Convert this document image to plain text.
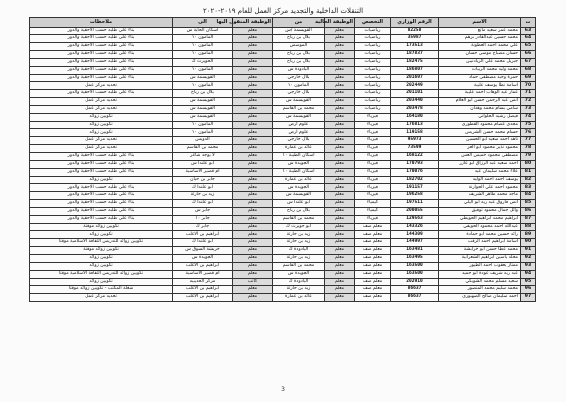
التنقلات الداخلية والتجديد مركز العمل للعام ٢٠١٩-٢٠٢٠
ت	الاسم	الرقم الوزاري	التخصص	الوظيفة الحالية	من	الوظيفة المنقول اليها	الى	ملاحظات
63	محمد عمر سعيد مانع	82258	رياضيات	معلم	القويسمة /س	معلم	اسكان الحاية س	بناء على طلبه حسب الاحقية والدور
64	محمد حسين عبدالقادر برهم	35987	رياضيات	معلم	بلال بن رباح	معلم	المامون ١٠	بناء على طلبه حسب الاحقية والدور
65	علي محمد احمد العظونة	173513	رياضيات	معلم	الموسس	معلم	المامون ١٠	بناء على طلبه حسب الاحقية والدور
66	حسان مصباح موسى حسان	187837	رياضيات	معلم	بلال بن رباح	معلم	المامون ١٠	بناء على طلبه حسب الاحقية والدور
67	جبريل محمد علي الزيادنيين	182475	رياضيات	معلم	بلال بن رباح	معلم	الحويرث ك	بناء على طلبه حسب الاحقية والدور
68	محمد وليد محمد الريبات	186807	رياضيات	معلم	اليادودة س	معلم	المامون ١٠	بناء على طلبه حسب الاحقية والدور
69	حمزة وحيد مصطفى حماد	201697	رياضيات	معلم	بلال خارجي	معلم	القويسمة س	بناء على طلبه حسب الاحقية والدور
70	اسامة نظا يوسف عليبة	202449	رياضيات	معلم	المامون ١٠	معلم	المامون ١٠	تحديد مركز عمل
71	عمار عبد الوهاب احمد عليبة	201101	رياضيات	معلم	بلال خارجي	معلم	بلال بن رباح	بناء على طلبه حسب الاحقية والدور
72	انس عبد الرحمن حسن ابو الغلام	203440	رياضيات	معلم	القويسمة س	معلم	القويسمة س	تحديد مركز عمل
73	سامي بسام محمد وهدان	203478	رياضيات	معلم	محمد بن القاسم	معلم	القويسمة س	تحديد مركز عمل
74	فيصل رشيد الحلواني	164180	فيزياء	معلم	القويسمة س	معلم	القويسمة س	تكويين زوائد
75	مجدي عصام محمود القطوري	176813	فيزياء	معلم	علوم ارض	معلم	المامون ١٠	تكويين زوائد
76	حسام محمد حسن الشريس	119158	فيزياء	معلم	علوم ارض	معلم	المامون ١٠	تكويين زوائد
77	ناهد احمد سعيد ابو الحسين	95973	فيزياء	معلم	بلال خارجي	معلم	الدويس	تحديد مركز عمل
78	محمود نذير محمود ابو العز	73599	فيزياء	معلم	عائد بن عمارة	معلم	محمد بن القاسم	تحديد مركز عمل
79	مصطفى محمود خميس العس	168122	فيزياء	معلم	اسكان الطيبة ١٠	معلم	لا يوجد شاغر	بناء على طلبه حسب الاحقية والدور
80	احمد سعيد عبد الرزاق ابو عازر	170793	فيزياء	معلم	الجويدة س	معلم	ابو علندا س	بناء على طلبه حسب الاحقية والدور
81	علاء محمد سليمان عيد	170076	فيزياء	معلم	اسكان الطيبة ١٠	معلم	ام قصير الاساسية	بناء على طلبه حسب الاحقية والدور
82	يوسف احمد احمد الوليد	182702	فيزياء	معلم	عائد بن عمارة	معلم	جابر بن حيان	تكويين زوائد
83	محمود احمد علي الجوارنة	191157	فيزياء	معلم	الجويدة س	معلم	ابو علندا ك	بناء على طلبه حسب الاحقية والدور
84	ماجد محمد طاهر الشريف	196258	فيزياء	معلم	القويسمة س	معلم	زيد بن حارثة	بناء على طلبه حسب الاحقية والدور
85	انس فاروق عبد ربه ابو اليلي	197511	كيمياء	معلم	ابو علندا س	معلم	ابو علندا ك	بناء على طلبه حسب الاحقية والدور
86	وائل جمال محمود توفيق	200055	كيمياء	معلم	بلال بن رباح	معلم	جابر س	بناء على طلبه حسب الاحقية والدور
87	ابراهيم محمد ابراهيم الحويطي	129563	فيزياء	معلم	محمد بن القاسم	معلم	جابر ١٠	بناء على طلبه حسب الاحقية والدور
88	عبدالله احمد محمود الحويفي	143326	معلم صف	معلم	ابو حويرث ك	معلم	جابر ك	تكويين زوائد موقتة
89	رائد حسين محمد ابو حمادة	144309	معلم صف	معلم	زيد بن حارثة	معلم	ابراهيم بن الاغلب	تكويين زوائد
90	اسامة ابراهيم احمد الرقب	144997	معلم صف	معلم	زيد بن حارثة	معلم	ابو علندا ك	تكويين زوائد للتدريس الثقافة الاسلامية موقتا
91	محمد عطا حسن ابو خرابشة	163481	معلم صف	معلم	اليادودة ك	معلم	خربشة السوق س	تكويين زوائد موقتة
92	مخلد ياسين ابراهيم الشعرانية	163495	معلم صف	معلم	زيد بن حارثة	معلم	الجويدة س	تكويين زوائد
93	ممتاز يعقوب احمد الطيور	163500	معلم صف	معلم	محمد بن القاسم	معلم	ابراهيم بن الاغلب	تكويين زوائد
94	عبد ربه شريف عودة ابو حميد	163500	معلم صف	معلم	الجويدة س	معلم	ام قصير الاساسية	تكويين زوائد للتدريس الثقافة الاسلامية موقتا
95	سعيد مسلم محمد الشوبكي	202910	معلم صف	معلم	اليادودة ك	كاتب	مركز الحديبيه	تكويين زوائد
96	محمد سليم محمد المنصور	86637	معلم صف	معلم	زيد بن حارثة	معلم	ابراهيم بن الاغلب	شغلة المكتب - تكويين زوائد موقتا
97	احمد سليمان صالح الصهيوري	86637	معلم صف	معلم	عائد بن عمارة	معلم	ابراهيم بن الاغلب	تحديد مركز عمل
3
